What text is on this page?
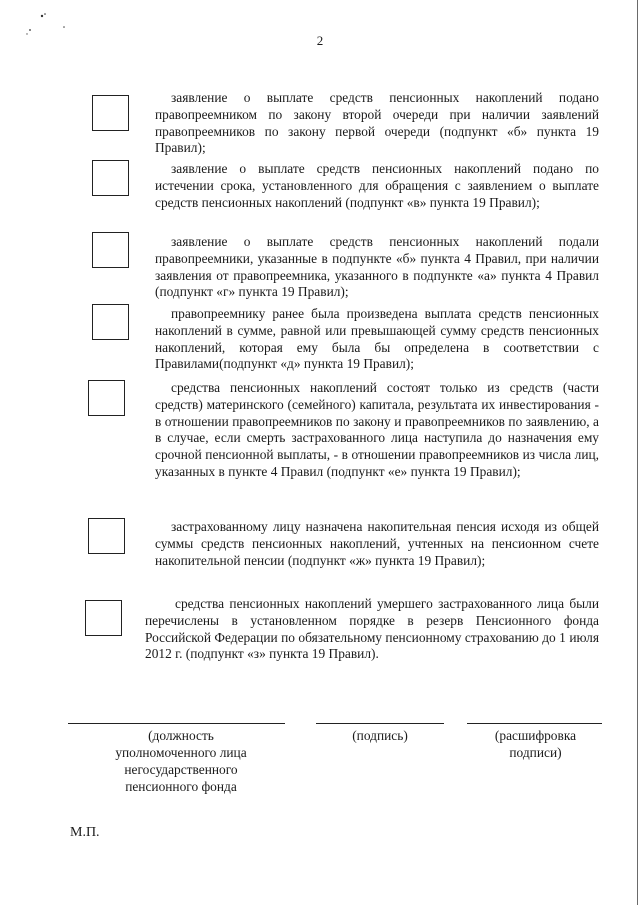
2

заявление о выплате средств пенсионных накоплений подано правопреемником по закону второй очереди при наличии заявлений правопреемников по закону первой очереди (подпункт «б» пункта 19 Правил);

заявление о выплате средств пенсионных накоплений подано по истечении срока, установленного для обращения с заявлением о выплате средств пенсионных накоплений (подпункт «в» пункта 19 Правил);

заявление о выплате средств пенсионных накоплений подали правопреемники, указанные в подпункте «б» пункта 4 Правил, при наличии заявления от правопреемника, указанного в подпункте «а» пункта 4 Правил (подпункт «г» пункта 19 Правил);

правопреемнику ранее была произведена выплата средств пенсионных накоплений в сумме, равной или превышающей сумму средств пенсионных накоплений, которая ему была бы определена в соответствии с Правилами(подпункт «д» пункта 19 Правил);

средства пенсионных накоплений состоят только из средств (части средств) материнского (семейного) капитала, результата их инвестирования - в отношении правопреемников по закону и правопреемников по заявлению, а в случае, если смерть застрахованного лица наступила до назначения ему срочной пенсионной выплаты, - в отношении правопреемников из числа лиц, указанных в пункте 4 Правил (подпункт «е» пункта 19 Правил);

застрахованному лицу назначена накопительная пенсия исходя из общей суммы средств пенсионных накоплений, учтенных на пенсионном счете накопительной пенсии (подпункт «ж» пункта 19 Правил);

средства пенсионных накоплений умершего застрахованного лица были перечислены в установленном порядке в резерв Пенсионного фонда Российской Федерации по обязательному пенсионному страхованию до 1 июля 2012 г. (подпункт «з» пункта 19 Правил).

(должность уполномоченного лица негосударственного пенсионного фонда

(подпись)	(расшифровка подписи)

М.П.
